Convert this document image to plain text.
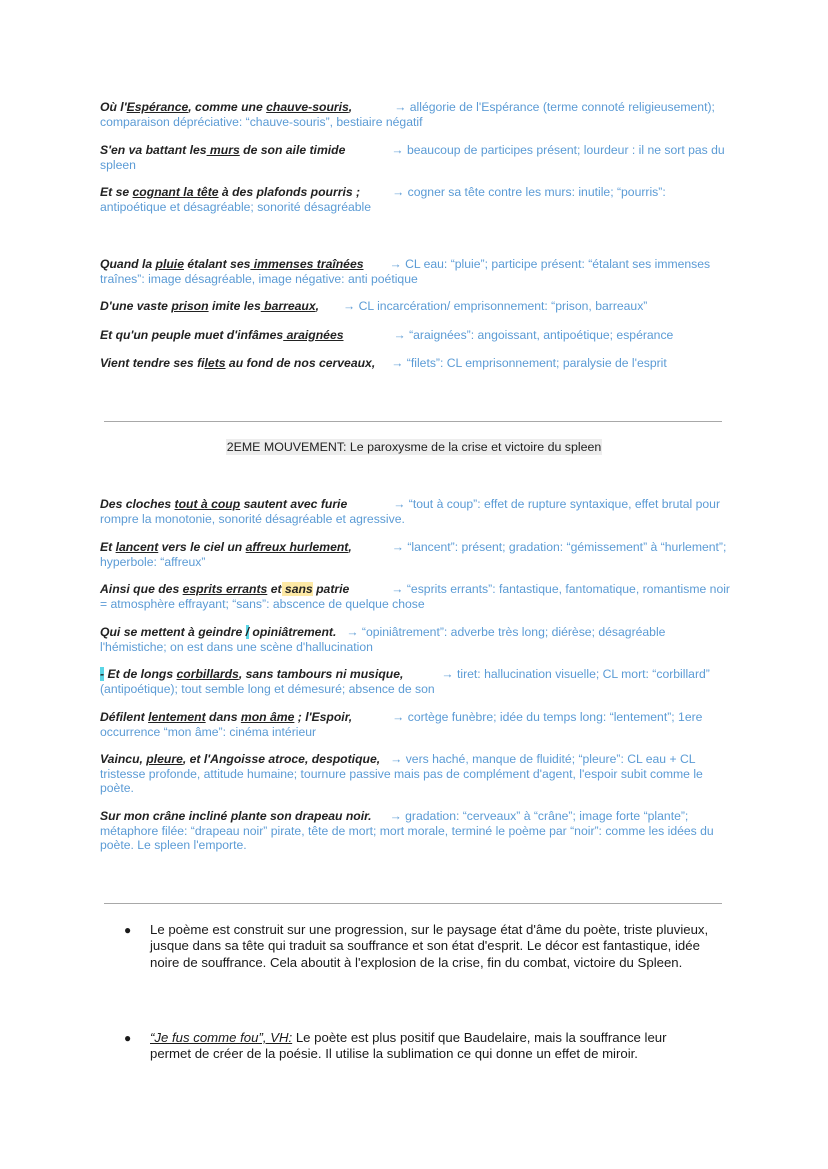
Où l'Espérance, comme une chauve-souris,	→ allégorie de l'Espérance (terme connoté religieusement); comparaison dépréciative: “chauve-souris”, bestiaire négatif
S'en va battant les murs de son aile timide	→ beaucoup de participes présent; lourdeur : il ne sort pas du spleen
Et se cognant la tête à des plafonds pourris ;	→ cogner sa tête contre les murs: inutile; “pourris”: antipoétique et désagréable; sonorité désagréable
Quand la pluie étalant ses immenses traînées → CL eau: “pluie”; participe présent: “étalant ses immenses traînes”: image désagréable, image négative: anti poétique
D'une vaste prison imite les barreaux, → CL incarcération/ emprisonnement: “prison, barreaux”
Et qu'un peuple muet d'infâmes araignées	→ “araignées”: angoissant, antipoétique; espérance
Vient tendre ses filets au fond de nos cerveaux, → “filets”: CL emprisonnement; paralysie de l'esprit
2EME MOUVEMENT: Le paroxysme de la crise et victoire du spleen
Des cloches tout à coup sautent avec furie	→ “tout à coup”: effet de rupture syntaxique, effet brutal pour rompre la monotonie, sonorité désagréable et agressive.
Et lancent vers le ciel un affreux hurlement,	→ “lancent”: présent; gradation: “gémissement” à “hurlement”; hyperbole: “affreux”
Ainsi que des esprits errants et sans patrie	→ “esprits errants”: fantastique, fantomatique, romantisme noir = atmosphère effrayant; “sans”: abscence de quelque chose
Qui se mettent à geindre / opiniâtrement. → “opiniâtrement”: adverbe très long; diérèse; désagréable l'hémistiche; on est dans une scène d'hallucination
- Et de longs corbillards, sans tambours ni musique,	→ tiret: hallucination visuelle; CL mort: “corbillard” (antipoétique); tout semble long et démesuré; absence de son
Défilent lentement dans mon âme ; l'Espoir,	→ cortège funèbre; idée du temps long: “lentement”; 1ere occurrence “mon âme”: cinéma intérieur
Vaincu, pleure, et l'Angoisse atroce, despotique, → vers haché, manque de fluidité; “pleure”: CL eau + CL tristesse profonde, attitude humaine; tournure passive mais pas de complément d'agent, l'espoir subit comme le poète.
Sur mon crâne incliné plante son drapeau noir. → gradation: “cerveaux” à “crâne”; image forte “plante”; métaphore filée: “drapeau noir” pirate, tête de mort; mort morale, terminé le poème par “noir”: comme les idées du poète. Le spleen l'emporte.
● Le poème est construit sur une progression, sur le paysage état d'âme du poète, triste pluvieux, jusque dans sa tête qui traduit sa souffrance et son état d'esprit. Le décor est fantastique, idée noire de souffrance. Cela aboutit à l'explosion de la crise, fin du combat, victoire du Spleen.
● “Je fus comme fou”, VH: Le poète est plus positif que Baudelaire, mais la souffrance leur permet de créer de la poésie. Il utilise la sublimation ce qui donne un effet de miroir.
